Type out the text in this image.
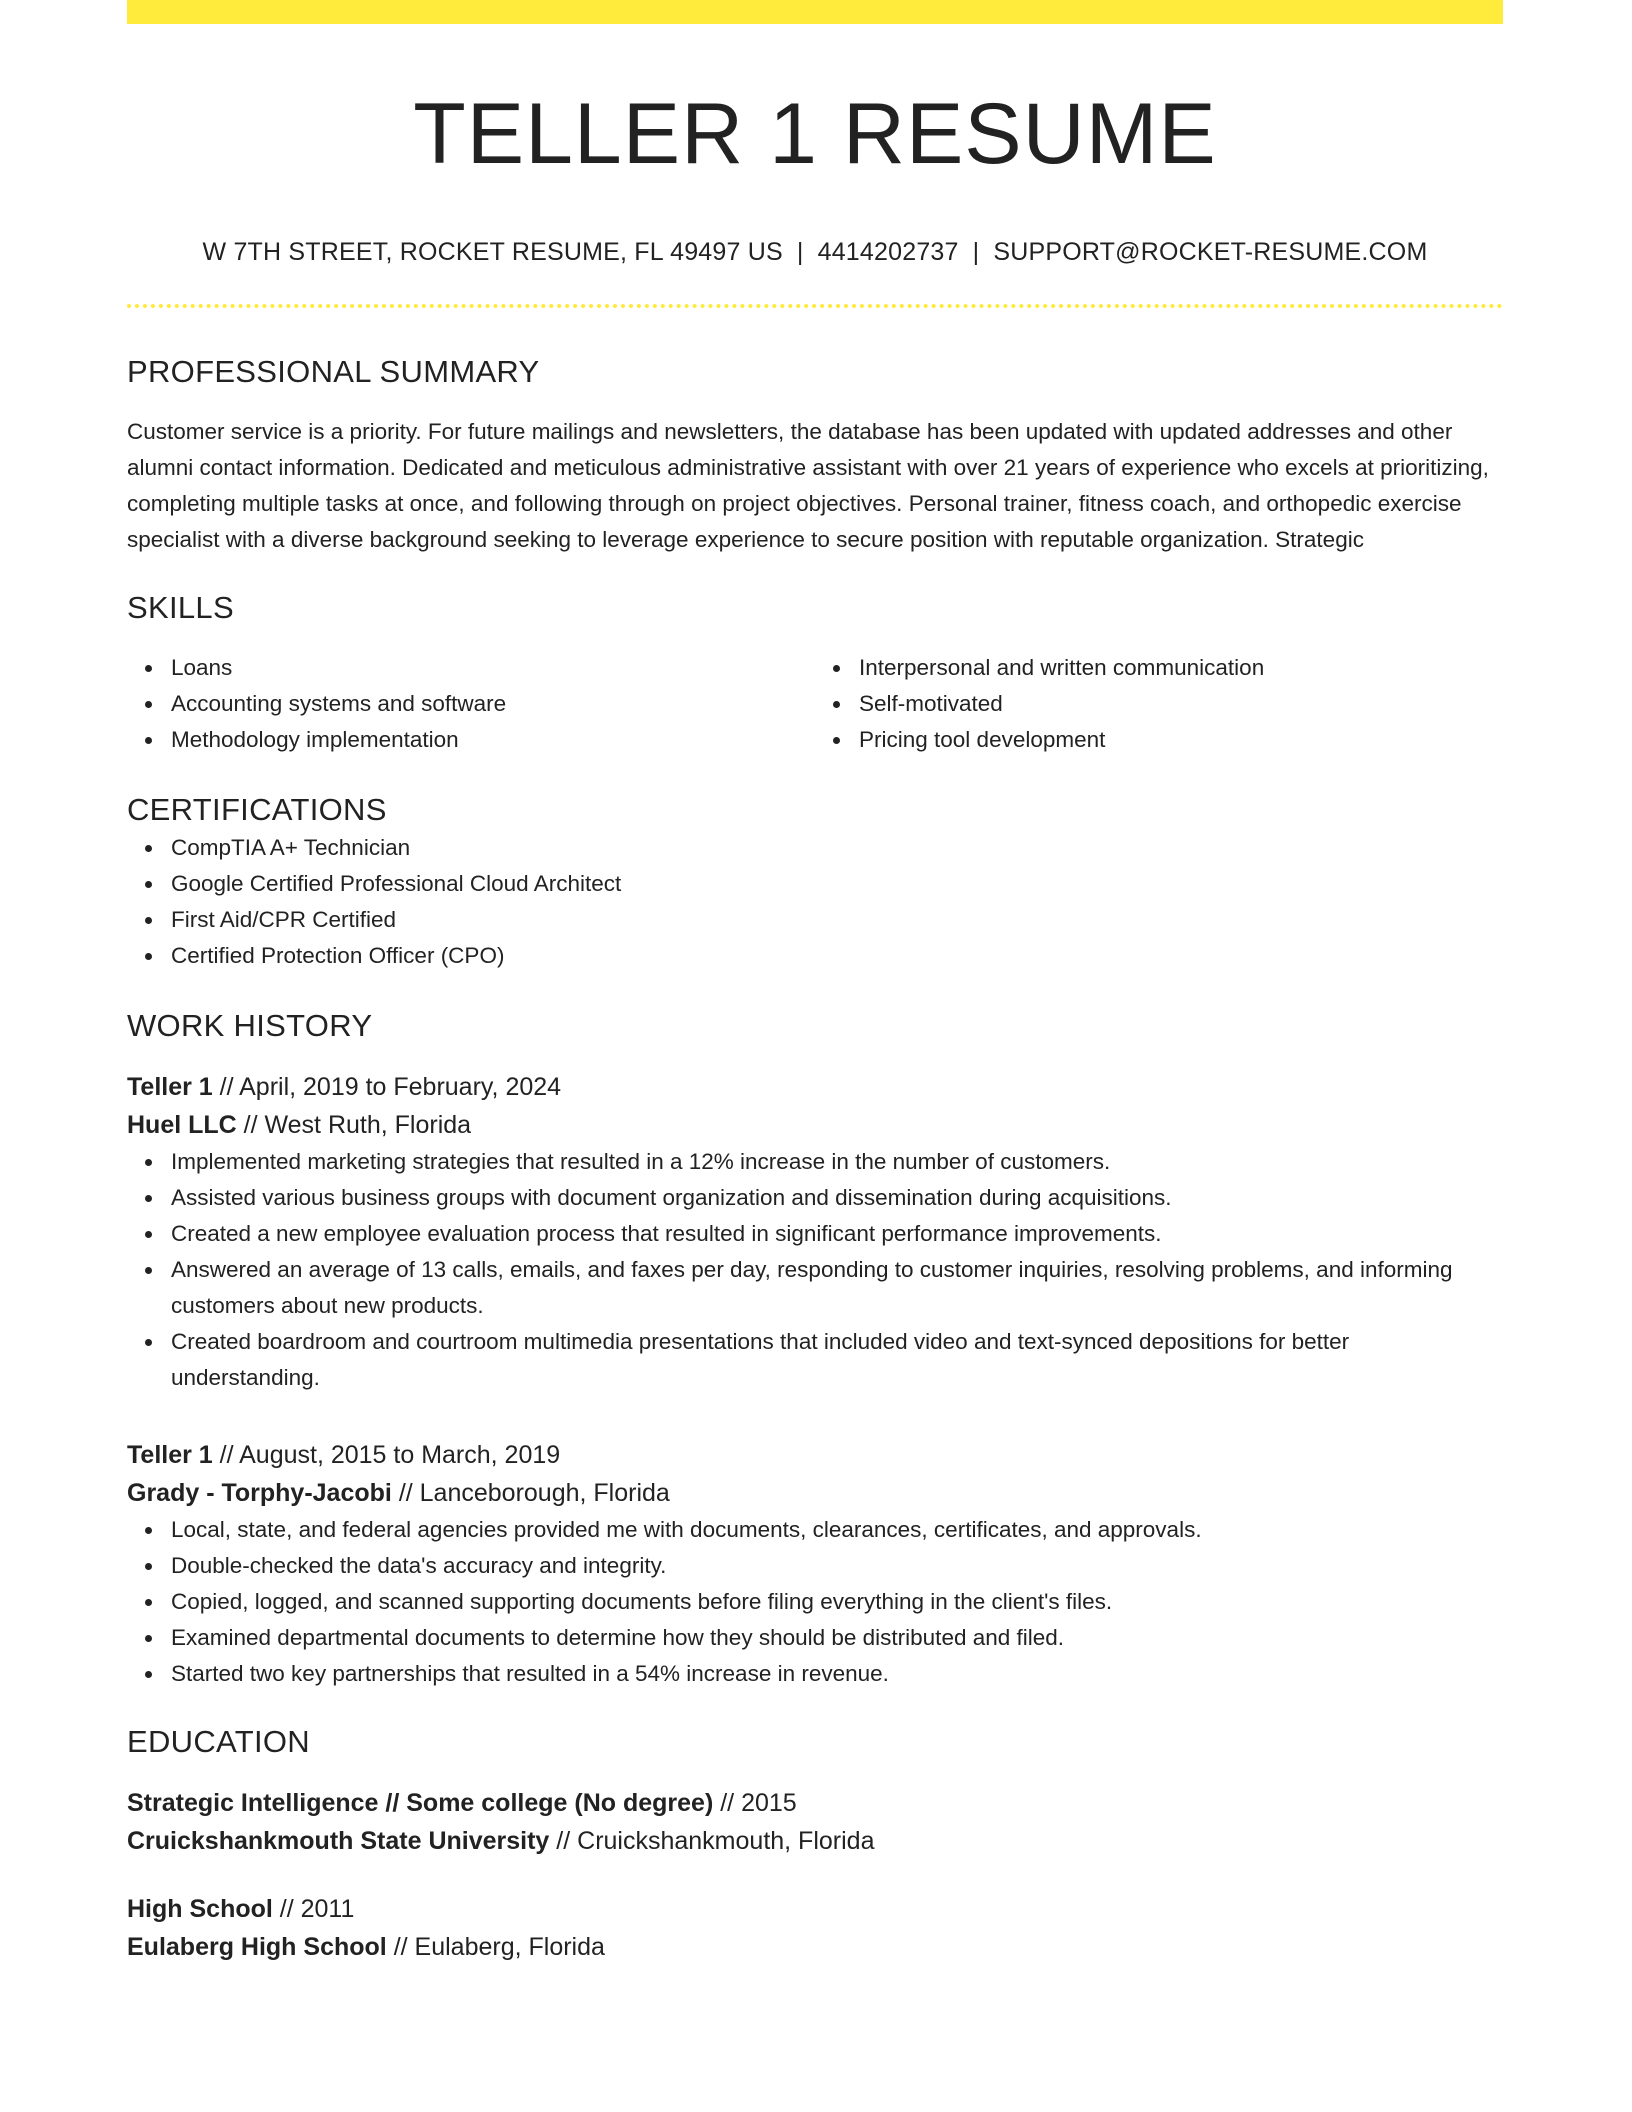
TELLER 1 RESUME
W 7TH STREET, ROCKET RESUME, FL 49497 US | 4414202737 | SUPPORT@ROCKET-RESUME.COM
PROFESSIONAL SUMMARY
Customer service is a priority. For future mailings and newsletters, the database has been updated with updated addresses and other alumni contact information. Dedicated and meticulous administrative assistant with over 21 years of experience who excels at prioritizing, completing multiple tasks at once, and following through on project objectives. Personal trainer, fitness coach, and orthopedic exercise specialist with a diverse background seeking to leverage experience to secure position with reputable organization. Strategic
SKILLS
Loans
Accounting systems and software
Methodology implementation
Interpersonal and written communication
Self-motivated
Pricing tool development
CERTIFICATIONS
CompTIA A+ Technician
Google Certified Professional Cloud Architect
First Aid/CPR Certified
Certified Protection Officer (CPO)
WORK HISTORY
Teller 1 // April, 2019 to February, 2024
Huel LLC // West Ruth, Florida
Implemented marketing strategies that resulted in a 12% increase in the number of customers.
Assisted various business groups with document organization and dissemination during acquisitions.
Created a new employee evaluation process that resulted in significant performance improvements.
Answered an average of 13 calls, emails, and faxes per day, responding to customer inquiries, resolving problems, and informing customers about new products.
Created boardroom and courtroom multimedia presentations that included video and text-synced depositions for better understanding.
Teller 1 // August, 2015 to March, 2019
Grady - Torphy-Jacobi // Lanceborough, Florida
Local, state, and federal agencies provided me with documents, clearances, certificates, and approvals.
Double-checked the data's accuracy and integrity.
Copied, logged, and scanned supporting documents before filing everything in the client's files.
Examined departmental documents to determine how they should be distributed and filed.
Started two key partnerships that resulted in a 54% increase in revenue.
EDUCATION
Strategic Intelligence // Some college (No degree) // 2015
Cruickshankmouth State University // Cruickshankmouth, Florida
High School // 2011
Eulaberg High School // Eulaberg, Florida
